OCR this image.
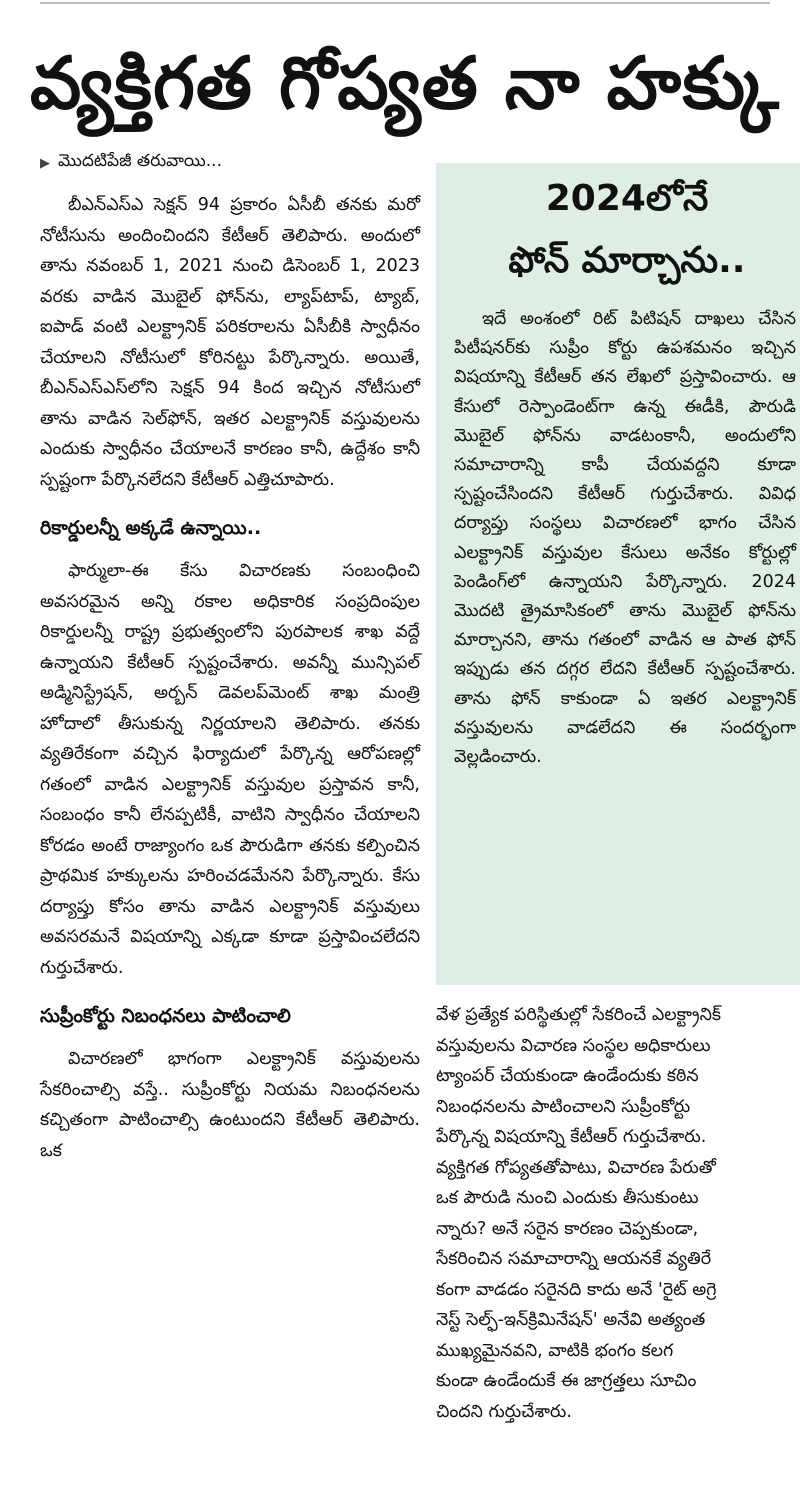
వ్యక్తిగత గోప్యత నా హక్కు
▶ మొదటిపేజీ తరువాయి...

బీఎన్ఎస్ఎ సెక్షన్ 94 ప్రకారం ఏసీబీ తనకు మరో నోటీసును అందించిందని కేటీఆర్ తెలిపారు. అందులో తాను నవంబర్ 1, 2021 నుంచి డిసెంబర్ 1, 2023 వరకు వాడిన మొబైల్ ఫోన్‌ను, ల్యాప్‌టాప్, ట్యాబ్, ఐపాడ్ వంటి ఎలక్ట్రానిక్ పరికరాలను ఏసీబీకి స్వాధీనం చేయాలని నోటీసులో కోరినట్టు పేర్కొన్నారు. అయితే, బీఎన్ఎస్ఎస్‌లోని సెక్షన్ 94 కింద ఇచ్చిన నోటీసులో తాను వాడిన సెల్‌ఫోన్, ఇతర ఎలక్ట్రానిక్ వస్తువులను ఎందుకు స్వాధీనం చేయాలనే కారణం కానీ, ఉద్దేశం కానీ స్పష్టంగా పేర్కొనలేదని కేటీఆర్ ఎత్తిచూపారు.

రికార్డులన్నీ అక్కడే ఉన్నాయి..

ఫార్ములా-ఈ కేసు విచారణకు సంబంధించి అవసరమైన అన్ని రకాల అధికారిక సంప్రదింపుల రికార్డులన్నీ రాష్ట్ర ప్రభుత్వంలోని పురపాలక శాఖ వద్దే ఉన్నాయని కేటీఆర్ స్పష్టంచేశారు. అవన్నీ మున్సిపల్ అడ్మినిస్ట్రేషన్, అర్బన్ డెవలప్‌మెంట్ శాఖ మంత్రి హోదాలో తీసుకున్న నిర్ణయాలని తెలిపారు. తనకు వ్యతిరేకంగా వచ్చిన ఫిర్యాదులో పేర్కొన్న ఆరోపణల్లో గతంలో వాడిన ఎలక్ట్రానిక్ వస్తువుల ప్రస్తావన కానీ, సంబంధం కానీ లేనప్పటికీ, వాటిని స్వాధీనం చేయాలని కోరడం అంటే రాజ్యాంగం ఒక పౌరుడిగా తనకు కల్పించిన ప్రాథమిక హక్కులను హరించడమేనని పేర్కొన్నారు. కేసు దర్యాప్తు కోసం తాను వాడిన ఎలక్ట్రానిక్ వస్తువులు అవసరమనే విషయాన్ని ఎక్కడా కూడా ప్రస్తావించలేదని గుర్తుచేశారు.

సుప్రీంకోర్టు నిబంధనలు పాటించాలి

విచారణలో భాగంగా ఎలక్ట్రానిక్ వస్తువులను సేకరించాల్సి వస్తే.. సుప్రీంకోర్టు నియమ నిబంధనలను కచ్చితంగా పాటించాల్సి ఉంటుందని కేటీఆర్ తెలిపారు. ఒక

2024లోనే
ఫోన్ మార్చాను..

ఇదే అంశంలో రిట్ పిటిషన్ దాఖలు చేసిన పిటీషనర్‌కు సుప్రీం కోర్టు ఉపశమనం ఇచ్చిన విషయాన్ని కేటీఆర్ తన లేఖలో ప్రస్తావించారు. ఆ కేసులో రెస్పాండెంట్‌గా ఉన్న ఈడీకి, పౌరుడి మొబైల్ ఫోన్‌ను వాడటంకానీ, అందులోని సమాచారాన్ని కాపీ చేయవద్దని కూడా స్పష్టంచేసిందని కేటీఆర్ గుర్తుచేశారు. వివిధ దర్యాప్తు సంస్థలు విచారణలో భాగం చేసిన ఎలక్ట్రానిక్ వస్తువుల కేసులు అనేకం కోర్టుల్లో పెండింగ్‌లో ఉన్నాయని పేర్కొన్నారు. 2024 మొదటి త్రైమాసికంలో తాను మొబైల్ ఫోన్‌ను మార్చానని, తాను గతంలో వాడిన ఆ పాత ఫోన్ ఇప్పుడు తన దగ్గర లేదని కేటీఆర్ స్పష్టంచేశారు. తాను ఫోన్ కాకుండా ఏ ఇతర ఎలక్ట్రానిక్ వస్తువులను వాడలేదని ఈ సందర్భంగా వెల్లడించారు.

వేళ ప్రత్యేక పరిస్థితుల్లో సేకరించే ఎలక్ట్రానిక్

వస్తువులను విచారణ సంస్థల అధికారులు

ట్యాంపర్ చేయకుండా ఉండేందుకు కఠిన

నిబంధనలను పాటించాలని సుప్రీంకోర్టు

పేర్కొన్న విషయాన్ని కేటీఆర్ గుర్తుచేశారు.

వ్యక్తిగత గోప్యతతోపాటు, విచారణ పేరుతో

ఒక పౌరుడి నుంచి ఎందుకు తీసుకుంటు

న్నారు? అనే సరైన కారణం చెప్పకుండా,

సేకరించిన సమాచారాన్ని ఆయనకే వ్యతిరే

కంగా వాడడం సరైనది కాదు అనే 'రైట్ అగ్రె

నెస్ట్ సెల్ఫ్-ఇన్‌క్రిమినేషన్' అనేవి అత్యంత

ముఖ్యమైనవని, వాటికి భంగం కలగ

కుండా ఉండేందుకే ఈ జాగ్రత్తలు సూచిం

చిందని గుర్తుచేశారు.
